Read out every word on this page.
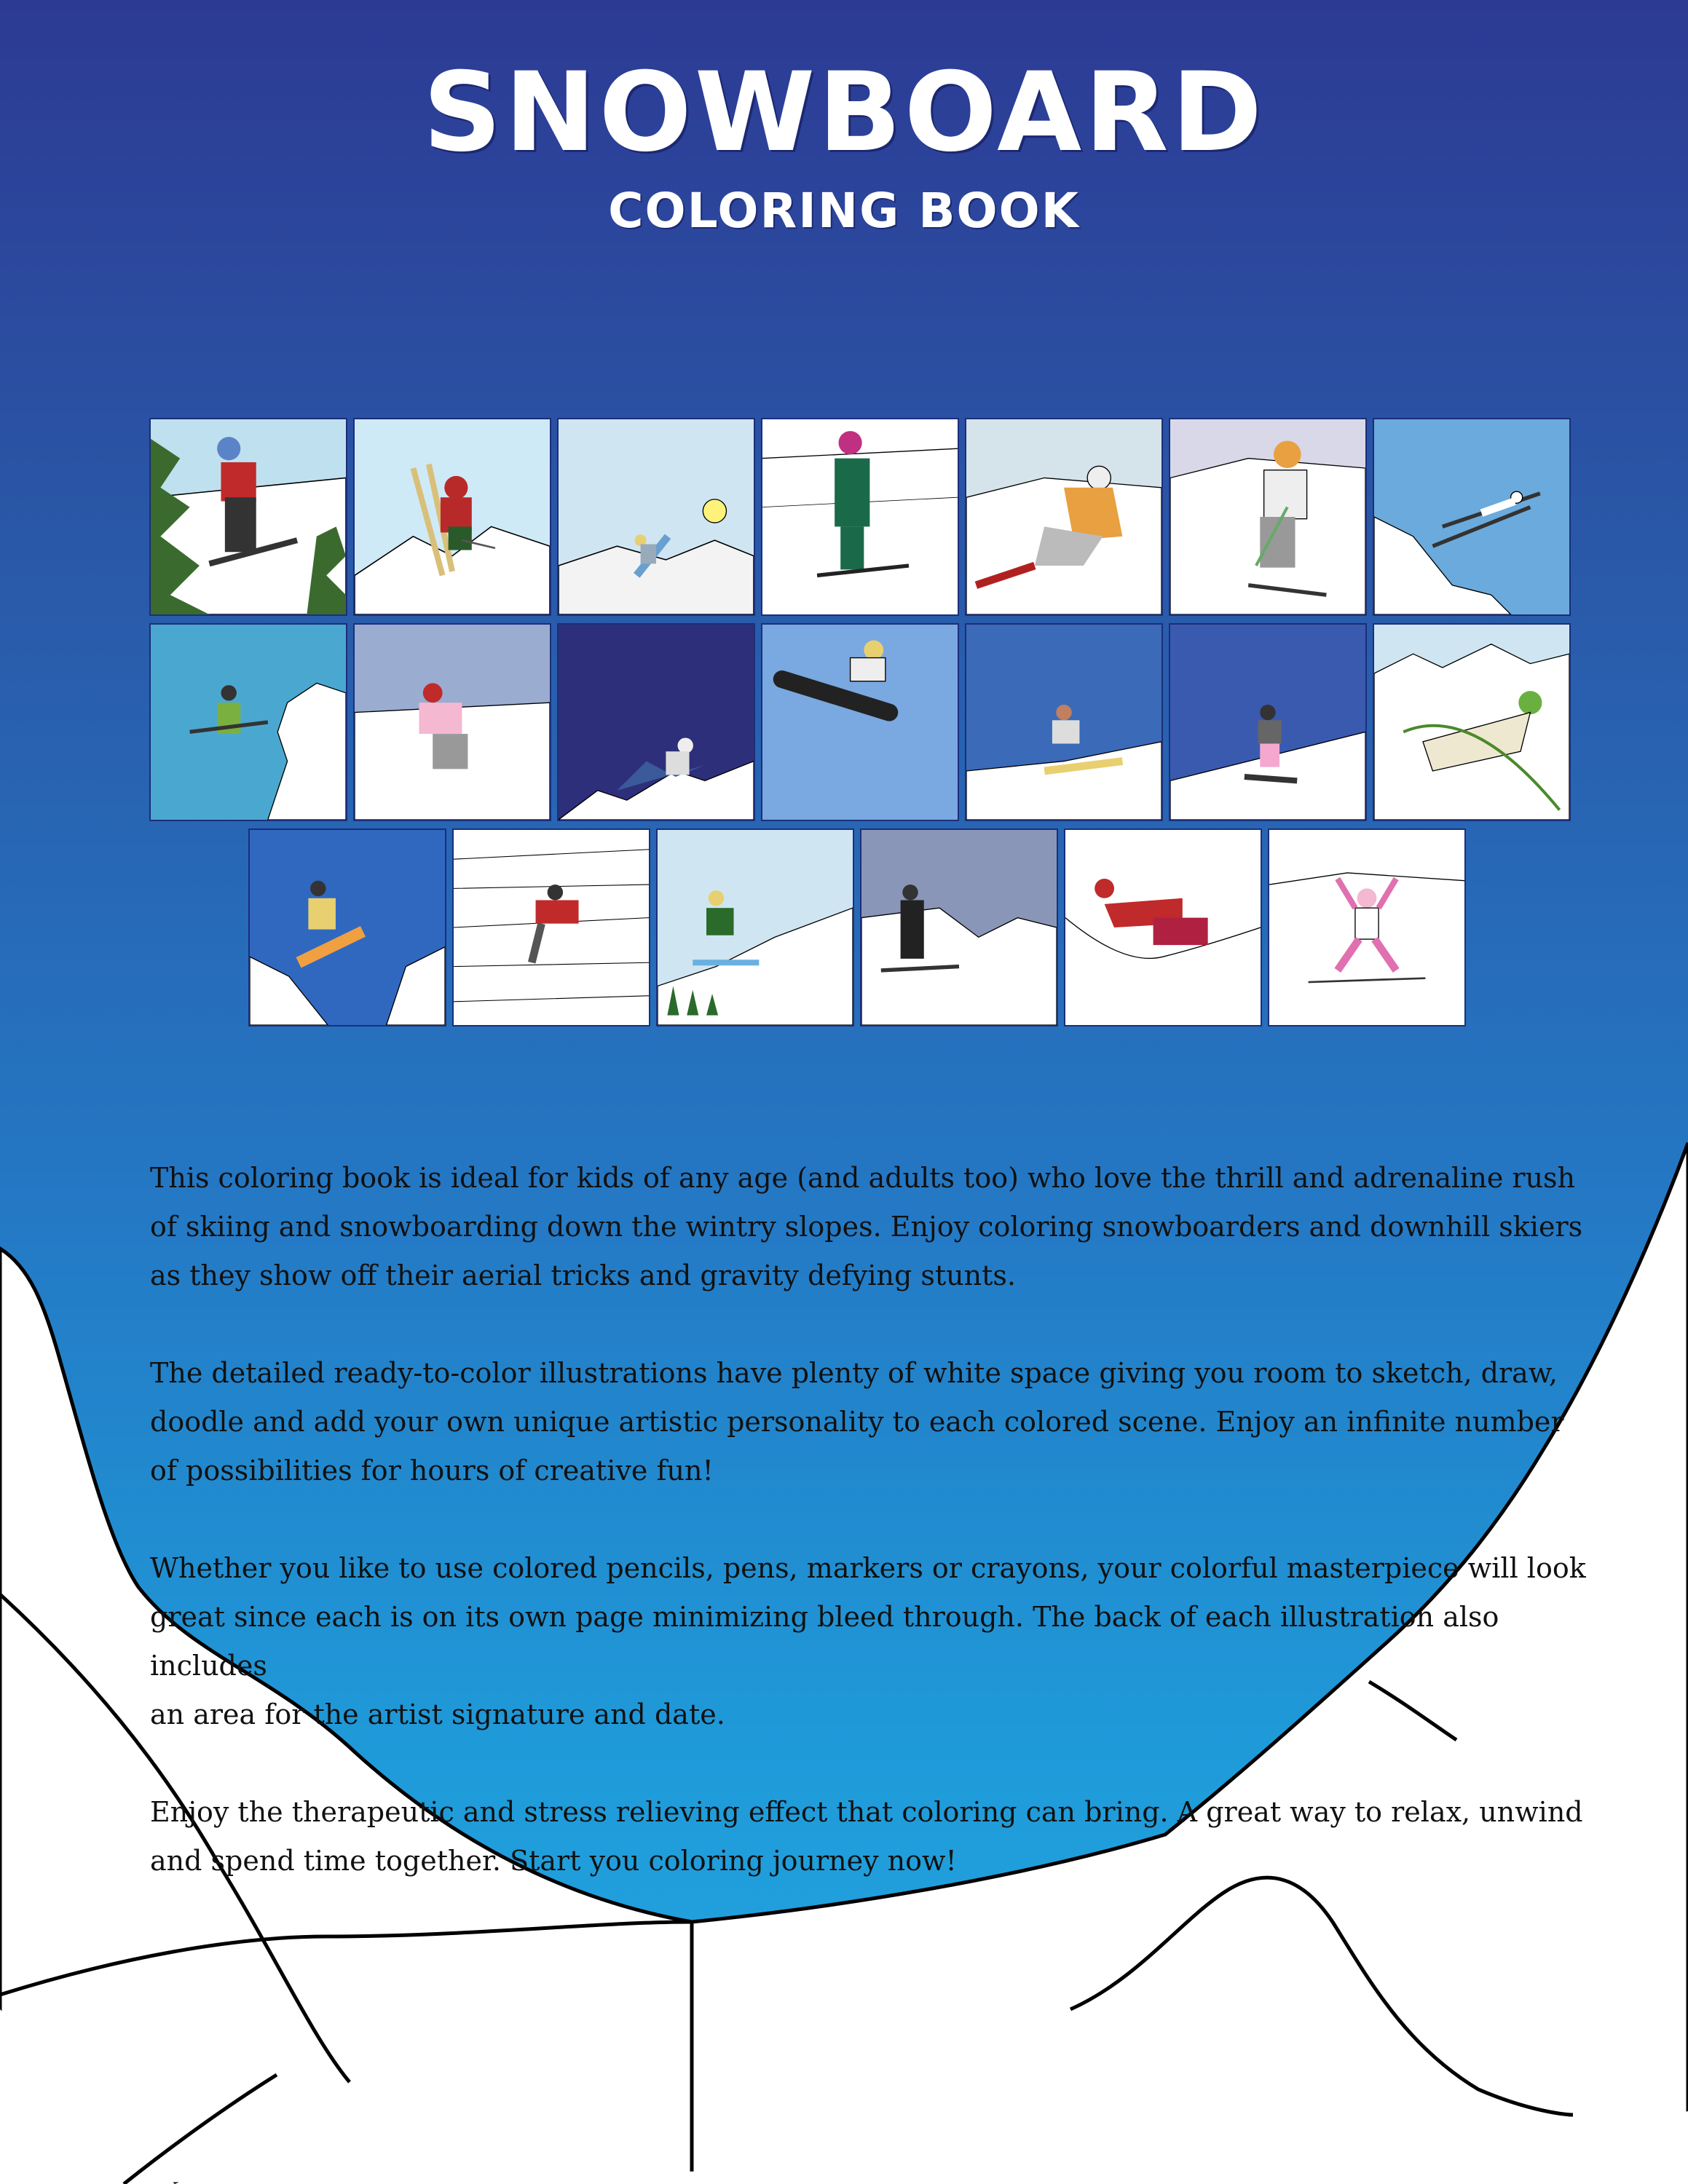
SNOWBOARD
COLORING BOOK

This coloring book is ideal for kids of any age (and adults too) who love the thrill and adrenaline rush
of skiing and snowboarding down the wintry slopes. Enjoy coloring snowboarders and downhill skiers
as they show off their aerial tricks and gravity defying stunts.

The detailed ready-to-color illustrations have plenty of white space giving you room to sketch, draw,
doodle and add your own unique artistic personality to each colored scene. Enjoy an infinite number
of possibilities for hours of creative fun!

Whether you like to use colored pencils, pens, markers or crayons, your colorful masterpiece will look
great since each is on its own page minimizing bleed through. The back of each illustration also includes
an area for the artist signature and date.

Enjoy the therapeutic and stress relieving effect that coloring can bring. A great way to relax, unwind
and spend time together. Start you coloring journey now!
